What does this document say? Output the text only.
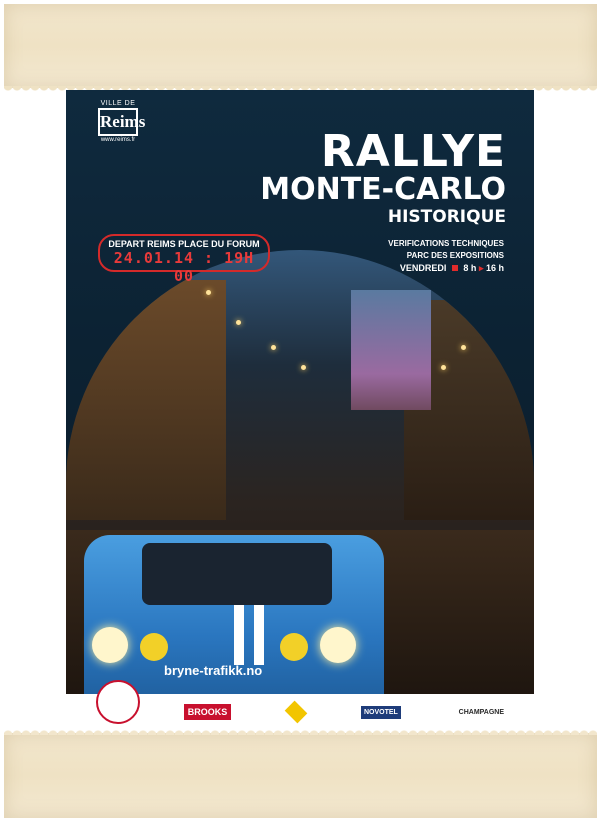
VILLE DE
Reims
www.reims.fr	RALLYE
MONTE-CARLO
HISTORIQUE
bryne-trafikk.no
DEPART REIMS PLACE DU FORUM
24.01.14 : 19H 00
VERIFICATIONS TECHNIQUES
PARC DES EXPOSITIONS
VENDREDI 8 h ▸ 16 h
BROOKS	NOVOTEL	CHAMPAGNE
